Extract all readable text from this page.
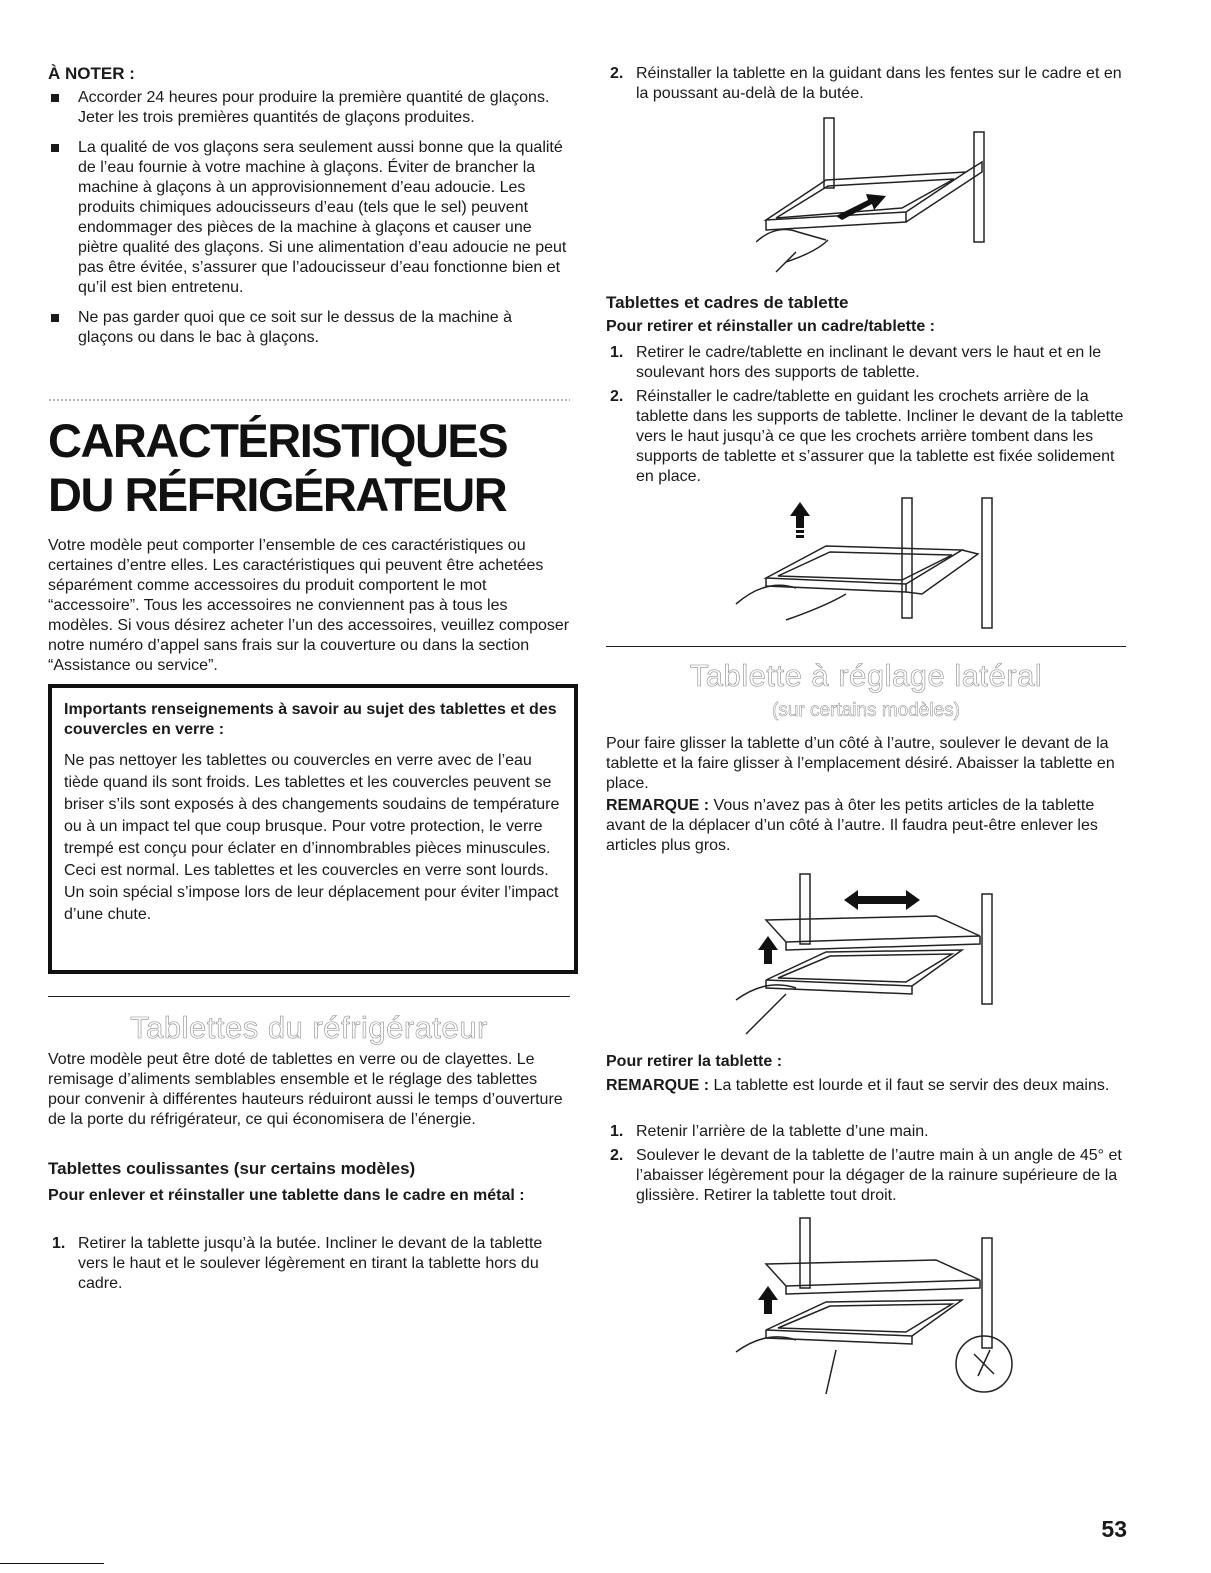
À NOTER :
Accorder 24 heures pour produire la première quantité de glaçons. Jeter les trois premières quantités de glaçons produites.
La qualité de vos glaçons sera seulement aussi bonne que la qualité de l’eau fournie à votre machine à glaçons. Éviter de brancher la machine à glaçons à un approvisionnement d’eau adoucie. Les produits chimiques adoucisseurs d’eau (tels que le sel) peuvent endommager des pièces de la machine à glaçons et causer une piètre qualité des glaçons. Si une alimentation d’eau adoucie ne peut pas être évitée, s’assurer que l’adoucisseur d’eau fonctionne bien et qu’il est bien entretenu.
Ne pas garder quoi que ce soit sur le dessus de la machine à glaçons ou dans le bac à glaçons.
CARACTÉRISTIQUES
DU RÉFRIGÉRATEUR

Votre modèle peut comporter l’ensemble de ces caractéristiques ou certaines d’entre elles. Les caractéristiques qui peuvent être achetées séparément comme accessoires du produit comportent le mot “accessoire”. Tous les accessoires ne conviennent pas à tous les modèles. Si vous désirez acheter l’un des accessoires, veuillez composer notre numéro d’appel sans frais sur la couverture ou dans la section “Assistance ou service”.

Importants renseignements à savoir au sujet des tablettes et des couvercles en verre :
Ne pas nettoyer les tablettes ou couvercles en verre avec de l’eau tiède quand ils sont froids. Les tablettes et les couvercles peuvent se briser s’ils sont exposés à des changements soudains de température ou à un impact tel que coup brusque. Pour votre protection, le verre trempé est conçu pour éclater en d’innombrables pièces minuscules. Ceci est normal. Les tablettes et les couvercles en verre sont lourds. Un soin spécial s’impose lors de leur déplacement pour éviter l’impact d’une chute.
Tablettes du réfrigérateur

Votre modèle peut être doté de tablettes en verre ou de clayettes. Le remisage d’aliments semblables ensemble et le réglage des tablettes pour convenir à différentes hauteurs réduiront aussi le temps d’ouverture de la porte du réfrigérateur, ce qui économisera de l’énergie.

Tablettes coulissantes (sur certains modèles)
Pour enlever et réinstaller une tablette dans le cadre en métal :
1. Retirer la tablette jusqu’à la butée. Incliner le devant de la tablette vers le haut et le soulever légèrement en tirant la tablette hors du cadre.
2. Réinstaller la tablette en la guidant dans les fentes sur le cadre et en la poussant au-delà de la butée.
Tablettes et cadres de tablette
Pour retirer et réinstaller un cadre/tablette :
1. Retirer le cadre/tablette en inclinant le devant vers le haut et en le soulevant hors des supports de tablette.
2. Réinstaller le cadre/tablette en guidant les crochets arrière de la tablette dans les supports de tablette. Incliner le devant de la tablette vers le haut jusqu’à ce que les crochets arrière tombent dans les supports de tablette et s’assurer que la tablette est fixée solidement en place.
Tablette à réglage latéral
(sur certains modèles)

Pour faire glisser la tablette d’un côté à l’autre, soulever le devant de la tablette et la faire glisser à l’emplacement désiré. Abaisser la tablette en place.

REMARQUE : Vous n’avez pas à ôter les petits articles de la tablette avant de la déplacer d’un côté à l’autre. Il faudra peut-être enlever les articles plus gros.

Pour retirer la tablette :

REMARQUE : La tablette est lourde et il faut se servir des deux mains.

1. Retenir l’arrière de la tablette d’une main.
2. Soulever le devant de la tablette de l’autre main à un angle de 45° et l’abaisser légèrement pour la dégager de la rainure supérieure de la glissière. Retirer la tablette tout droit.
53
